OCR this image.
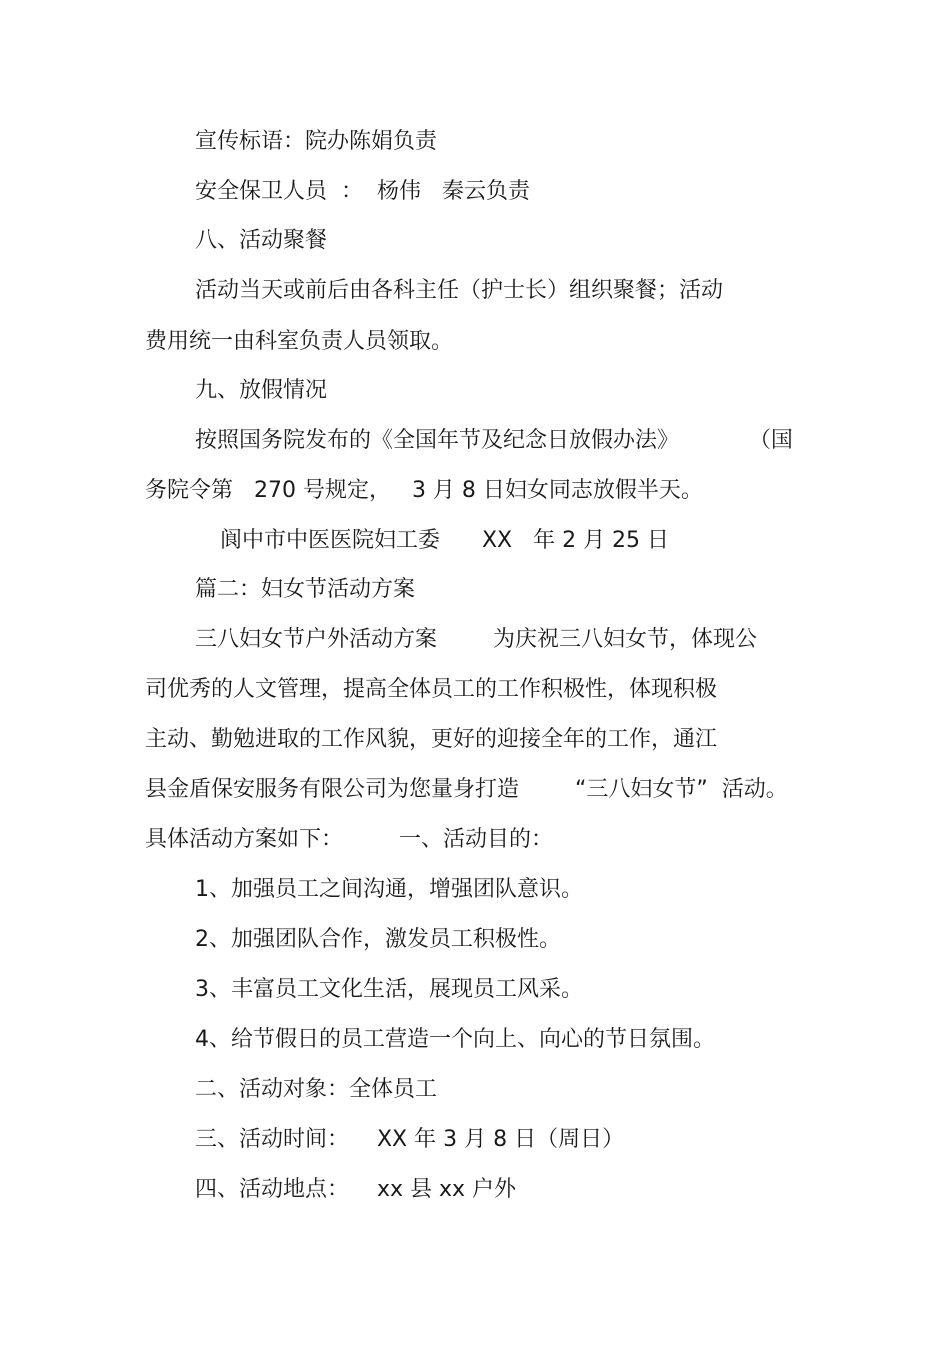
宣传标语：院办陈娟负责

安全保卫人员  ：  杨伟   秦云负责

八、活动聚餐

活动当天或前后由各科主任（护士长）组织聚餐；活动

费用统一由科室负责人员领取。

九、放假情况

按照国务院发布的《全国年节及纪念日放假办法》          （国

务院令第   270 号规定，   3 月 8 日妇女同志放假半天。

阆中市中医医院妇工委      XX   年 2 月 25 日

篇二：妇女节活动方案

三八妇女节户外活动方案        为庆祝三八妇女节，体现公

司优秀的人文管理，提高全体员工的工作积极性，体现积极

主动、勤勉进取的工作风貌，更好的迎接全年的工作，通江

县金盾保安服务有限公司为您量身打造        “三八妇女节”  活动。

具体活动方案如下：        一、活动目的：

1、加强员工之间沟通，增强团队意识。

2、加强团队合作，激发员工积极性。

3、丰富员工文化生活，展现员工风采。

4、给节假日的员工营造一个向上、向心的节日氛围。

二、活动对象：全体员工

三、活动时间：    XX 年 3 月 8 日（周日）

四、活动地点：    xx 县 xx 户外
